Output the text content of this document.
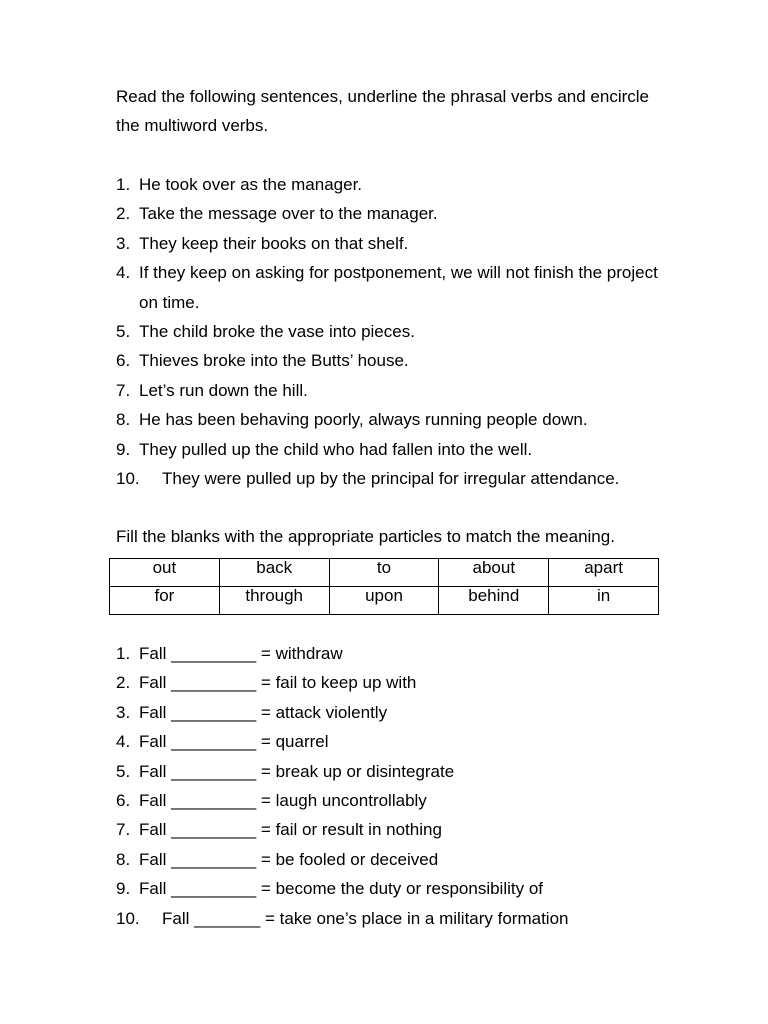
Read the following sentences, underline the phrasal verbs and encircle the multiword verbs.

1. He took over as the manager.
2. Take the message over to the manager.
3. They keep their books on that shelf.
4. If they keep on asking for postponement, we will not finish the project on time.
5. The child broke the vase into pieces.
6. Thieves broke into the Butts’ house.
7. Let’s run down the hill.
8. He has been behaving poorly, always running people down.
9. They pulled up the child who had fallen into the well.
10. They were pulled up by the principal for irregular attendance.

Fill the blanks with the appropriate particles to match the meaning.

out	back	to	about	apart
for	through	upon	behind	in
1. Fall _________ = withdraw
2. Fall _________ = fail to keep up with
3. Fall _________ = attack violently
4. Fall _________ = quarrel
5. Fall _________ = break up or disintegrate
6. Fall _________ = laugh uncontrollably
7. Fall _________ = fail or result in nothing
8. Fall _________ = be fooled or deceived
9. Fall _________ = become the duty or responsibility of
10. Fall _______ = take one’s place in a military formation
